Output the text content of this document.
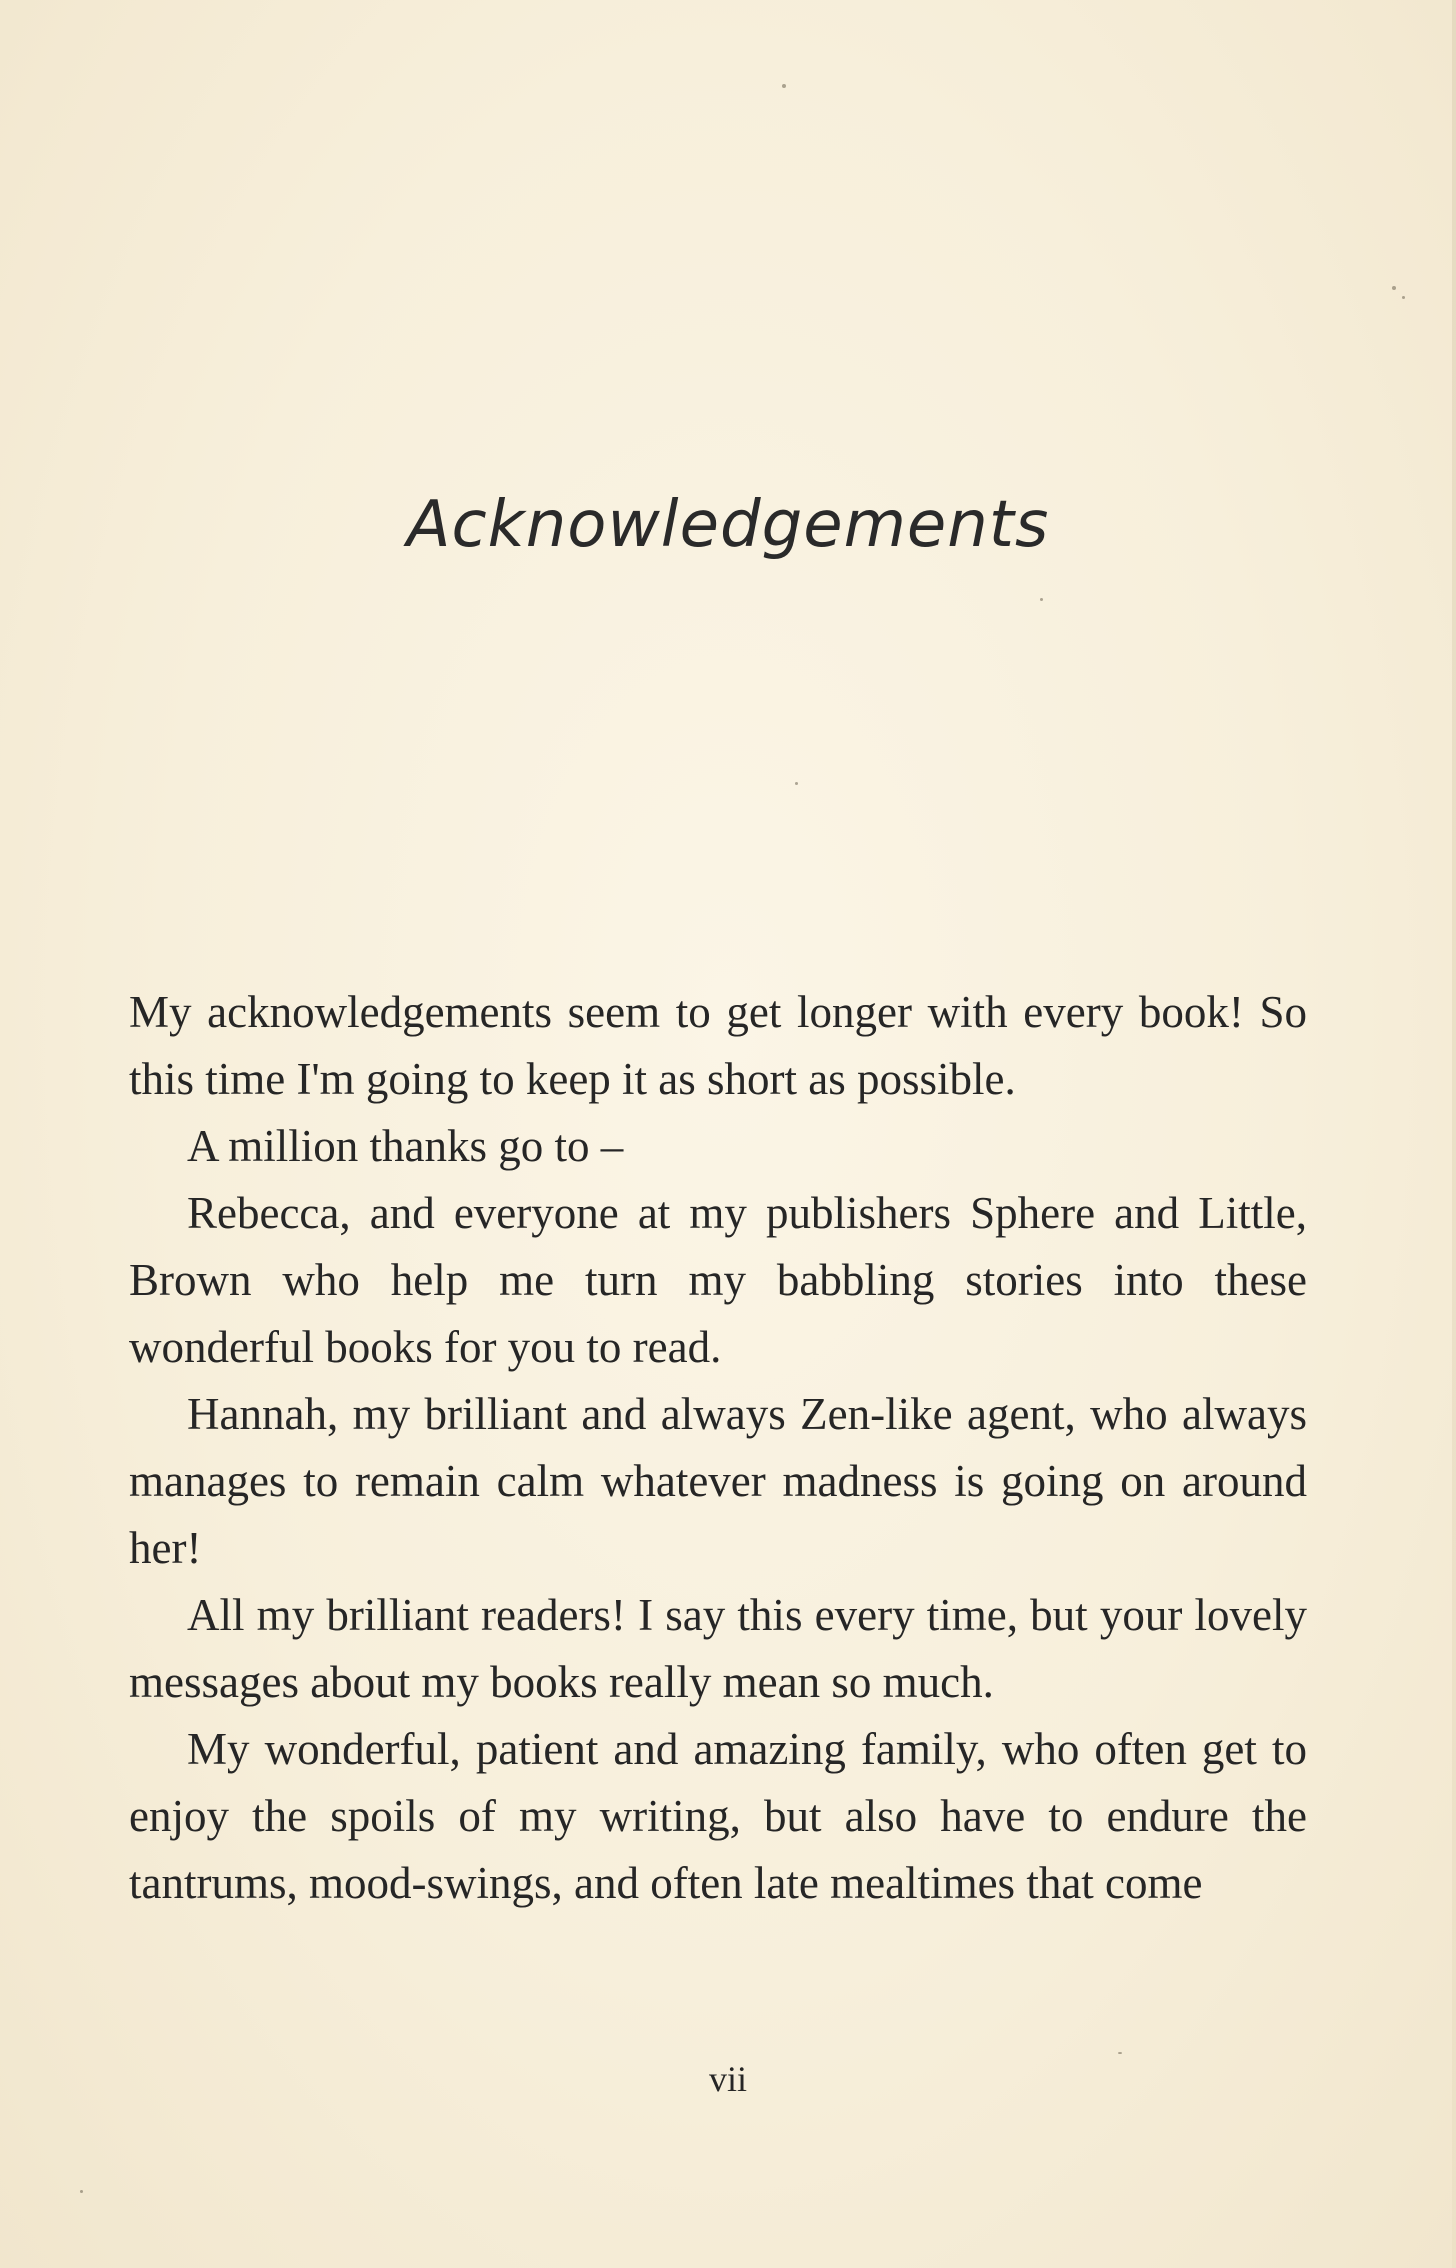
Acknowledgements

My acknowledgements seem to get longer with every book! So this time I'm going to keep it as short as possible.

A million thanks go to –

Rebecca, and everyone at my publishers Sphere and Little, Brown who help me turn my babbling stories into these wonderful books for you to read.

Hannah, my brilliant and always Zen-like agent, who always manages to remain calm whatever madness is going on around her!

All my brilliant readers! I say this every time, but your lovely messages about my books really mean so much.

My wonderful, patient and amazing family, who often get to enjoy the spoils of my writing, but also have to endure the tantrums, mood-swings, and often late mealtimes that come

vii
